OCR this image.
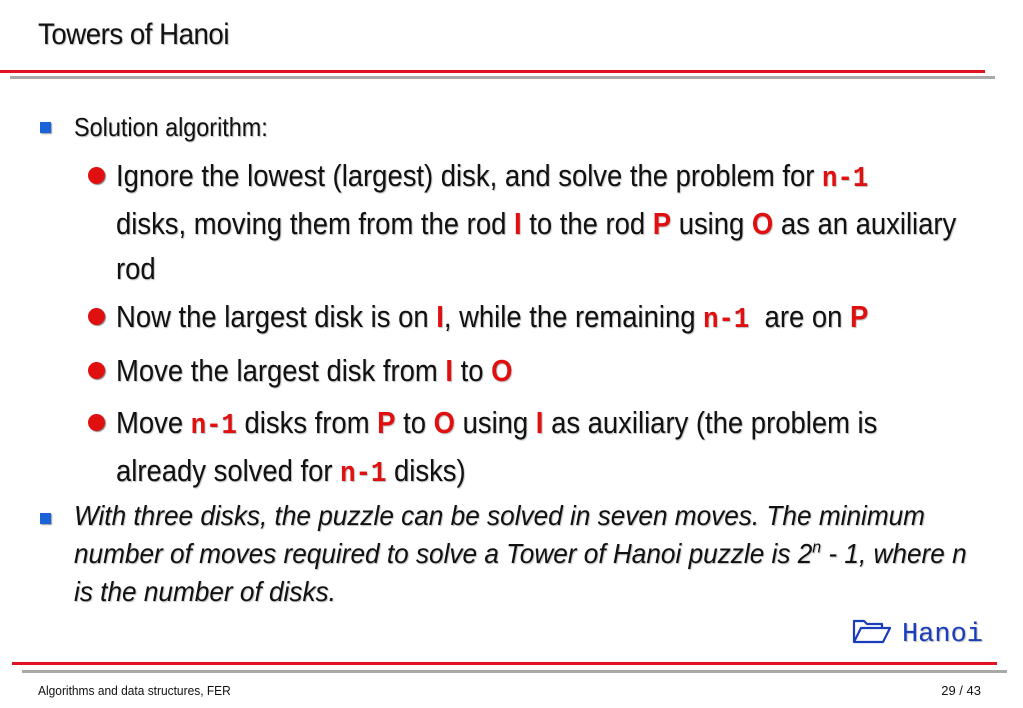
Towers of Hanoi
Solution algorithm:
Ignore the lowest (largest) disk, and solve the problem for n-1
disks, moving them from the rod I to the rod P using O as an auxiliary rod
Now the largest disk is on I, while the remaining n-1  are on P
Move the largest disk from I to O
Move n-1 disks from P to O using I as auxiliary (the problem is already solved for n-1 disks)
With three disks, the puzzle can be solved in seven moves. The minimum number of moves required to solve a Tower of Hanoi puzzle is 2$^n$ - 1, where n is the number of disks.
Hanoi
Algorithms and data structures, FER	29 / 43
